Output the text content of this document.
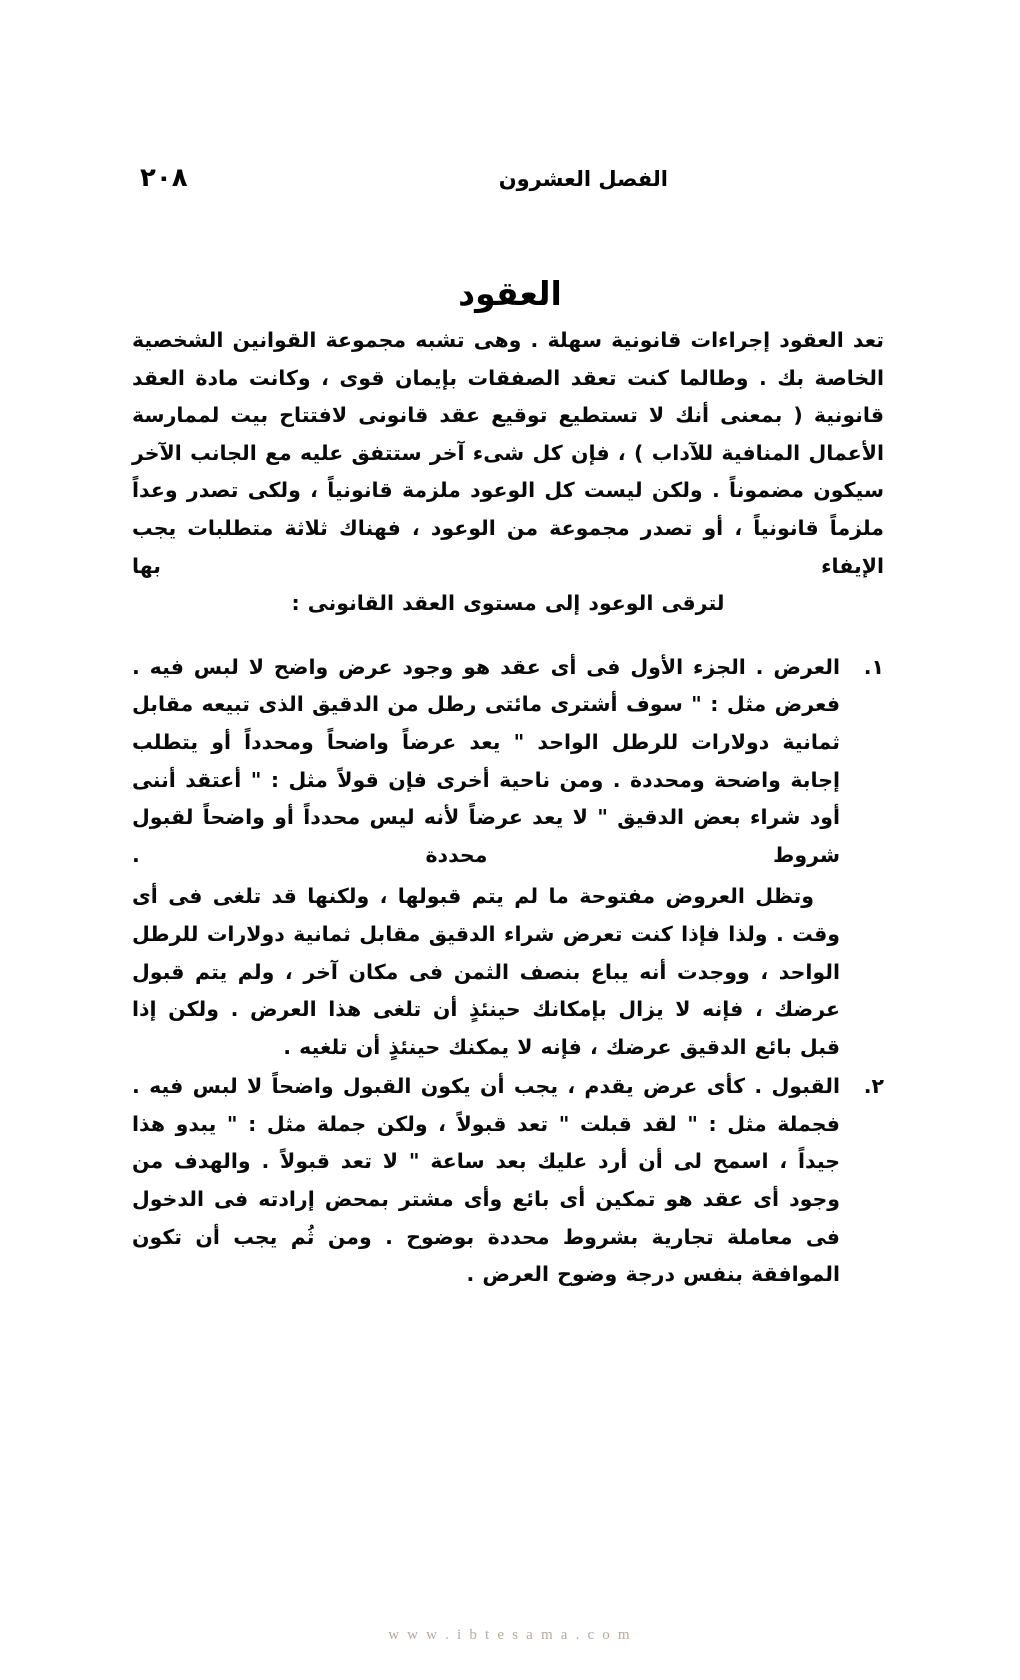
٢٠٨	الفصل العشرون
العقود

تعد العقود إجراءات قانونية سهلة . وهى تشبه مجموعة القوانين الشخصية الخاصة بك . وطالما كنت تعقد الصفقات بإيمان قوى ، وكانت مادة العقد قانونية ( بمعنى أنك لا تستطيع توقيع عقد قانونى لافتتاح بيت لممارسة الأعمال المنافية للآداب ) ، فإن كل شىء آخر ستتفق عليه مع الجانب الآخر سيكون مضموناً . ولكن ليست كل الوعود ملزمة قانونياً ، ولكى تصدر وعداً ملزماً قانونياً ، أو تصدر مجموعة من الوعود ، فهناك ثلاثة متطلبات يجب الإيفاء بها

لترقى الوعود إلى مستوى العقد القانونى :

١.

العرض . الجزء الأول فى أى عقد هو وجود عرض واضح لا لبس فيه . فعرض مثل : " سوف أشترى مائتى رطل من الدقيق الذى تبيعه مقابل ثمانية دولارات للرطل الواحد " يعد عرضاً واضحاً ومحدداً أو يتطلب إجابة واضحة ومحددة . ومن ناحية أخرى فإن قولاً مثل : " أعتقد أننى أود شراء بعض الدقيق " لا يعد عرضاً لأنه ليس محدداً أو واضحاً لقبول شروط محددة .

وتظل العروض مفتوحة ما لم يتم قبولها ، ولكنها قد تلغى فى أى وقت . ولذا فإذا كنت تعرض شراء الدقيق مقابل ثمانية دولارات للرطل الواحد ، ووجدت أنه يباع بنصف الثمن فى مكان آخر ، ولم يتم قبول عرضك ، فإنه لا يزال بإمكانك حينئذٍ أن تلغى هذا العرض . ولكن إذا قبل بائع الدقيق عرضك ، فإنه لا يمكنك حينئذٍ أن تلغيه .

٢.

القبول . كأى عرض يقدم ، يجب أن يكون القبول واضحاً لا لبس فيه . فجملة مثل : " لقد قبلت " تعد قبولاً ، ولكن جملة مثل : " يبدو هذا جيداً ، اسمح لى أن أرد عليك بعد ساعة " لا تعد قبولاً . والهدف من وجود أى عقد هو تمكين أى بائع وأى مشتر بمحض إرادته فى الدخول فى معاملة تجارية بشروط محددة بوضوح . ومن ثُم يجب أن تكون الموافقة بنفس درجة وضوح العرض .

w w w . i b t e s a m a . c o m
